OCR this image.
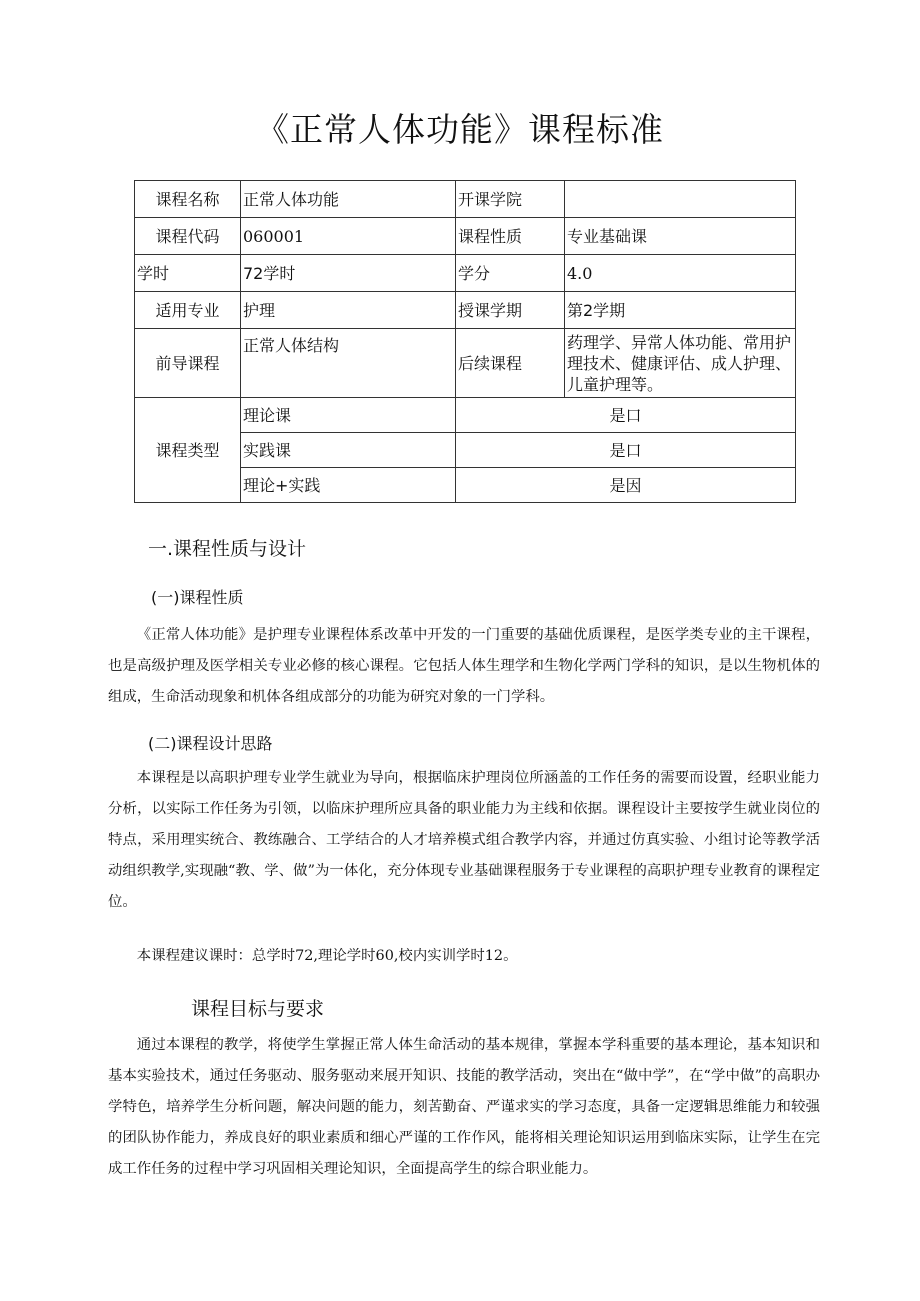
《正常人体功能》课程标准
课程名称	正常人体功能	开课学院	
课程代码	060001	课程性质	专业基础课
学时	72学时	学分	4.0
适用专业	护理	授课学期	第2学期
前导课程	正常人体结构	后续课程	药理学、异常人体功能、常用护理技术、健康评估、成人护理、儿童护理等。
课程类型	理论课	是口	
	实践课	是口	
	理论+实践	是因	
一.课程性质与设计
(一)课程性质

《正常人体功能》是护理专业课程体系改革中开发的一门重要的基础优质课程，是医学类专业的主干课程，也是高级护理及医学相关专业必修的核心课程。它包括人体生理学和生物化学两门学科的知识，是以生物机体的组成，生命活动现象和机体各组成部分的功能为研究对象的一门学科。

(二)课程设计思路

本课程是以高职护理专业学生就业为导向，根据临床护理岗位所涵盖的工作任务的需要而设置，经职业能力分析，以实际工作任务为引领，以临床护理所应具备的职业能力为主线和依据。课程设计主要按学生就业岗位的特点，采用理实统合、教练融合、工学结合的人才培养模式组合教学内容，并通过仿真实验、小组讨论等教学活动组织教学,实现融“教、学、做”为一体化，充分体现专业基础课程服务于专业课程的高职护理专业教育的课程定位。

本课程建议课时：总学时72,理论学时60,校内实训学时12。

课程目标与要求

通过本课程的教学，将使学生掌握正常人体生命活动的基本规律，掌握本学科重要的基本理论，基本知识和基本实验技术，通过任务驱动、服务驱动来展开知识、技能的教学活动，突出在“做中学”，在“学中做”的高职办学特色，培养学生分析问题，解决问题的能力，刻苦勤奋、严谨求实的学习态度，具备一定逻辑思维能力和较强的团队协作能力，养成良好的职业素质和细心严谨的工作作风，能将相关理论知识运用到临床实际，让学生在完成工作任务的过程中学习巩固相关理论知识，全面提高学生的综合职业能力。
